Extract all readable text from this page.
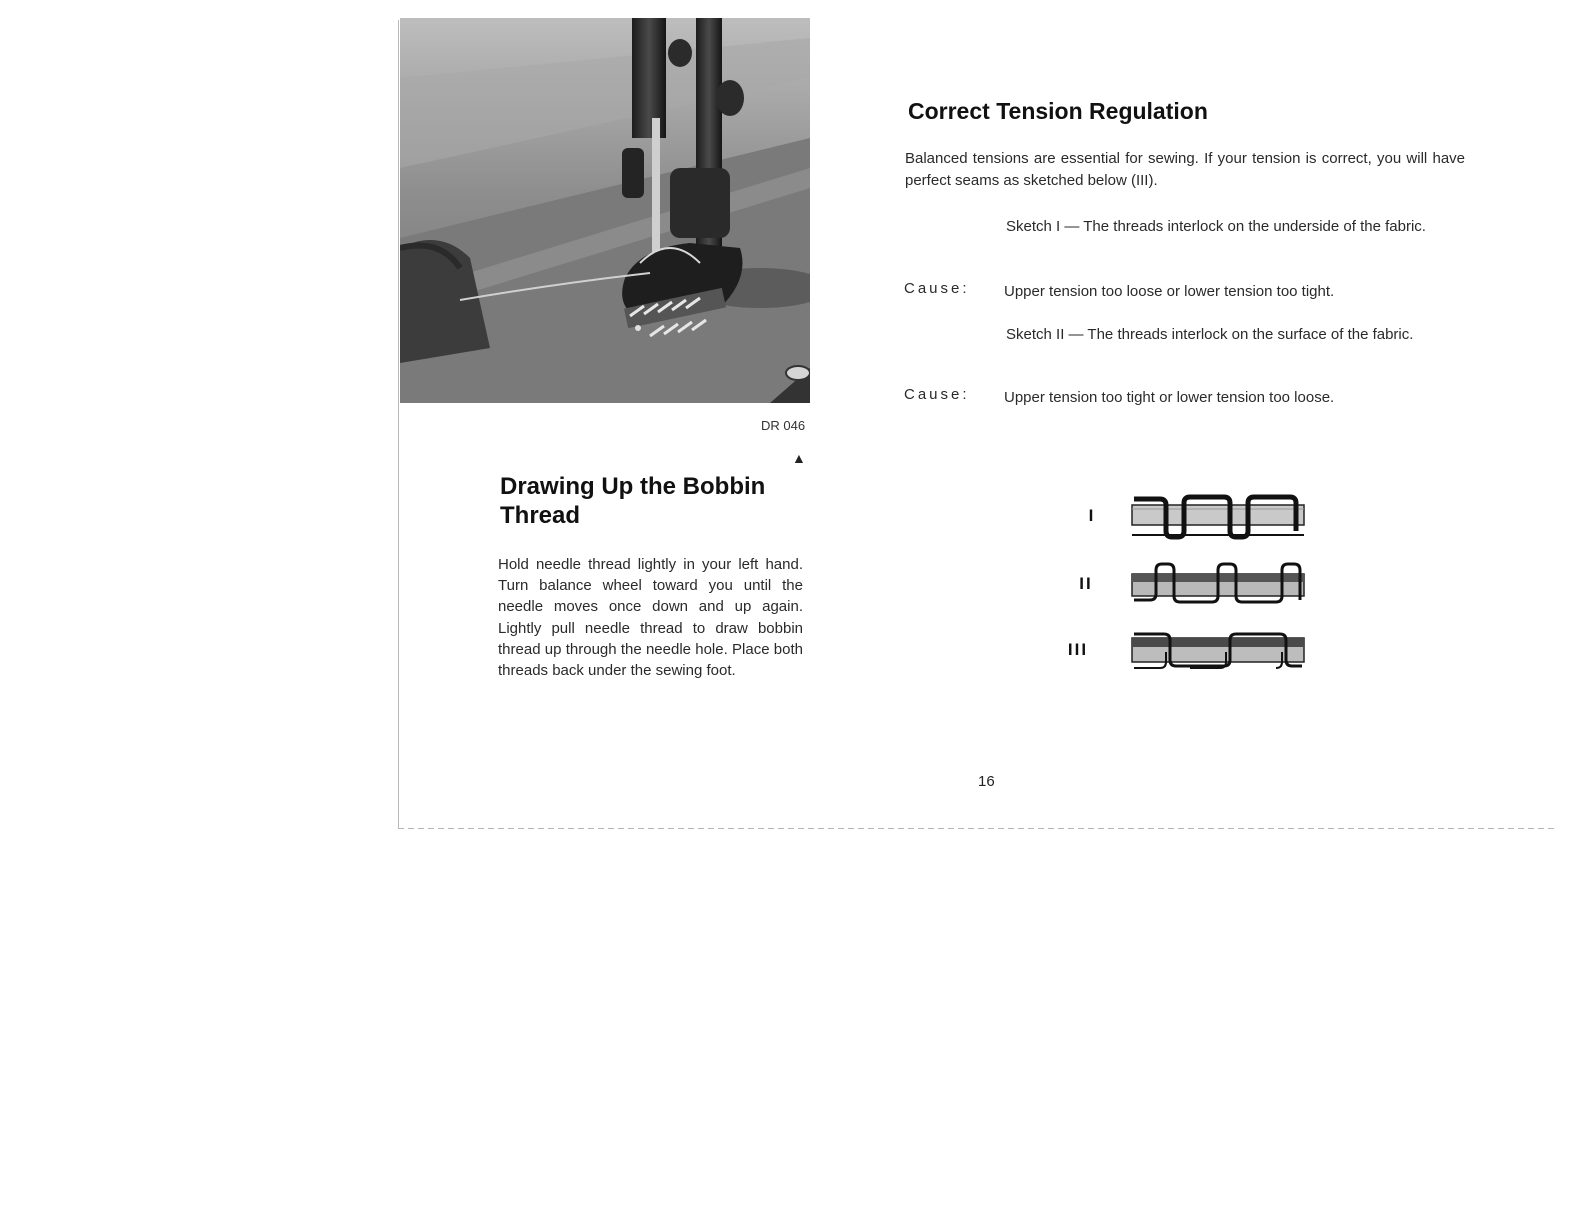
DR 046
▲
Drawing Up the Bobbin
Thread
Hold needle thread lightly in your left hand. Turn balance wheel toward you until the needle moves once down and up again. Lightly pull needle thread to draw bobbin thread up through the needle hole. Place both threads back under the sewing foot.
Correct Tension Regulation
Balanced tensions are essential for sewing. If your tension is correct, you will have perfect seams as sketched below (III).
Sketch I — The threads interlock on the underside of the fabric.
Cause: Upper tension too loose or lower tension too tight.
Sketch II — The threads interlock on the surface of the fabric.
Cause: Upper tension too tight or lower tension too loose.
I
II
III
16
